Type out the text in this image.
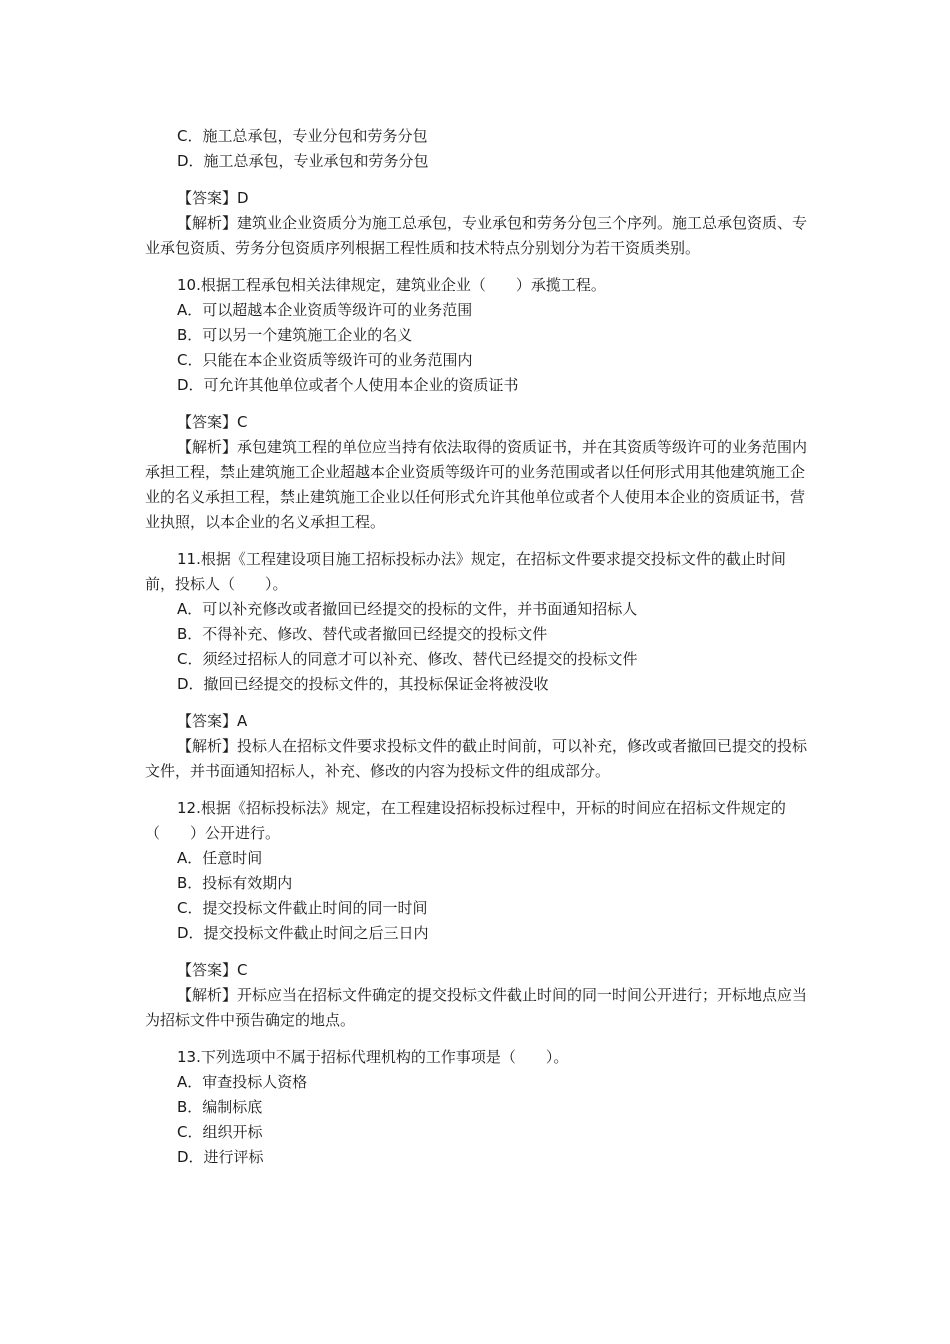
C．施工总承包，专业分包和劳务分包

D．施工总承包，专业承包和劳务分包

【答案】D

【解析】建筑业企业资质分为施工总承包，专业承包和劳务分包三个序列。施工总承包资质、专业承包资质、劳务分包资质序列根据工程性质和技术特点分别划分为若干资质类别。

10.根据工程承包相关法律规定，建筑业企业（　　）承揽工程。

A．可以超越本企业资质等级许可的业务范围

B．可以另一个建筑施工企业的名义

C．只能在本企业资质等级许可的业务范围内

D．可允许其他单位或者个人使用本企业的资质证书

【答案】C

【解析】承包建筑工程的单位应当持有依法取得的资质证书，并在其资质等级许可的业务范围内承担工程，禁止建筑施工企业超越本企业资质等级许可的业务范围或者以任何形式用其他建筑施工企业的名义承担工程，禁止建筑施工企业以任何形式允许其他单位或者个人使用本企业的资质证书，营业执照，以本企业的名义承担工程。

11.根据《工程建设项目施工招标投标办法》规定，在招标文件要求提交投标文件的截止时间前，投标人（　　）。

A．可以补充修改或者撤回已经提交的投标的文件，并书面通知招标人

B．不得补充、修改、替代或者撤回已经提交的投标文件

C．须经过招标人的同意才可以补充、修改、替代已经提交的投标文件

D．撤回已经提交的投标文件的，其投标保证金将被没收

【答案】A

【解析】投标人在招标文件要求投标文件的截止时间前，可以补充，修改或者撤回已提交的投标文件，并书面通知招标人，补充、修改的内容为投标文件的组成部分。

12.根据《招标投标法》规定，在工程建设招标投标过程中，开标的时间应在招标文件规定的（　　）公开进行。

A．任意时间

B．投标有效期内

C．提交投标文件截止时间的同一时间

D．提交投标文件截止时间之后三日内

【答案】C

【解析】开标应当在招标文件确定的提交投标文件截止时间的同一时间公开进行；开标地点应当为招标文件中预告确定的地点。

13.下列选项中不属于招标代理机构的工作事项是（　　）。

A．审查投标人资格

B．编制标底

C．组织开标

D．进行评标
